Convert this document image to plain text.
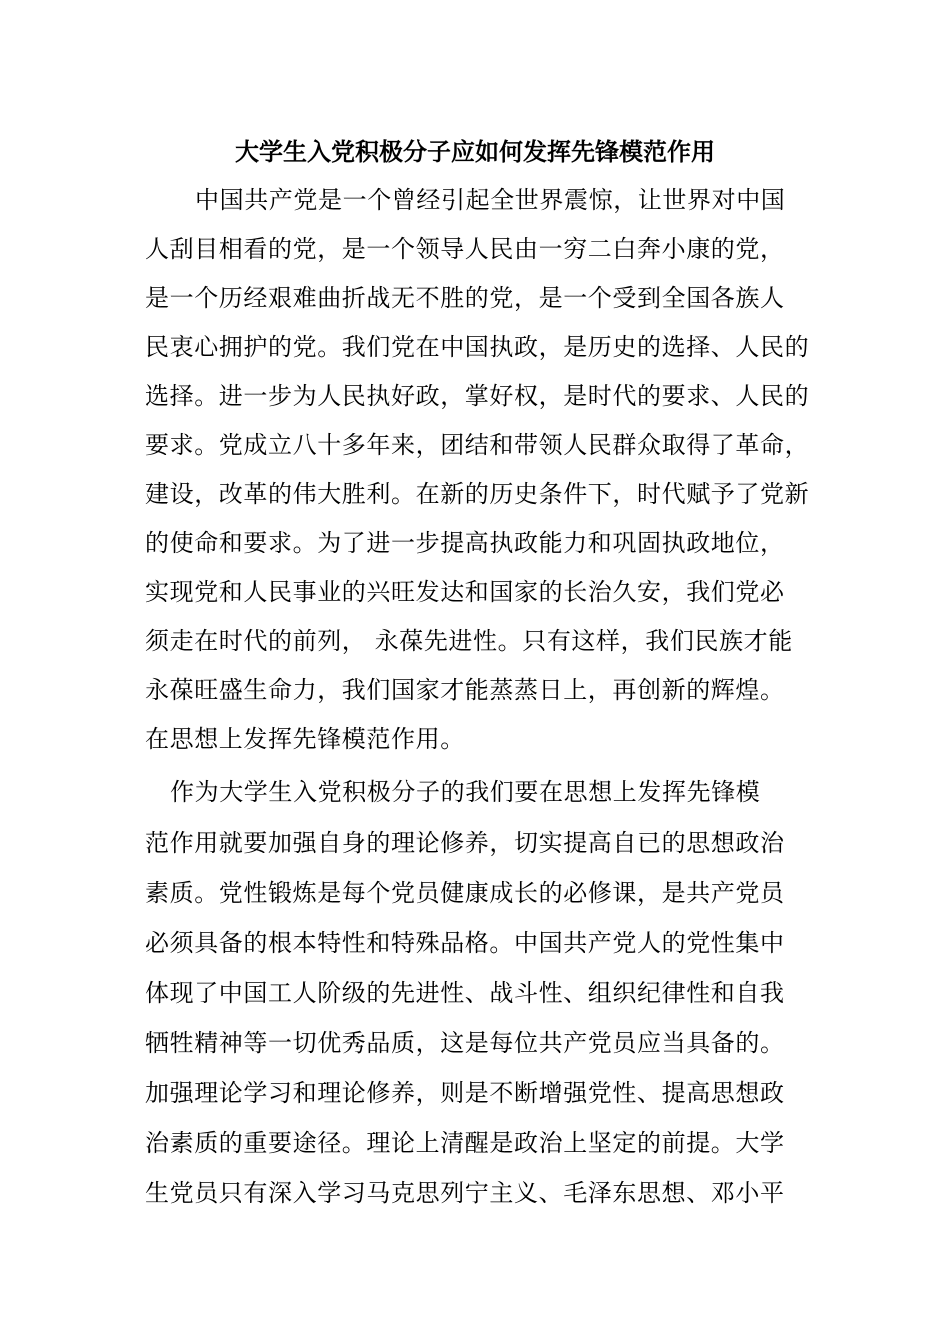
大学生入党积极分子应如何发挥先锋模范作用
中国共产党是一个曾经引起全世界震惊，让世界对中国
人刮目相看的党，是一个领导人民由一穷二白奔小康的党，
是一个历经艰难曲折战无不胜的党，是一个受到全国各族人
民衷心拥护的党。我们党在中国执政，是历史的选择、人民的
选择。进一步为人民执好政，掌好权，是时代的要求、人民的
要求。党成立八十多年来，团结和带领人民群众取得了革命，
建设，改革的伟大胜利。在新的历史条件下，时代赋予了党新
的使命和要求。为了进一步提高执政能力和巩固执政地位，
实现党和人民事业的兴旺发达和国家的长治久安，我们党必
须走在时代的前列， 永葆先进性。只有这样，我们民族才能
永葆旺盛生命力，我们国家才能蒸蒸日上，再创新的辉煌。
在思想上发挥先锋模范作用。
作为大学生入党积极分子的我们要在思想上发挥先锋模
范作用就要加强自身的理论修养，切实提高自已的思想政治
素质。党性锻炼是每个党员健康成长的必修课，是共产党员
必须具备的根本特性和特殊品格。中国共产党人的党性集中
体现了中国工人阶级的先进性、战斗性、组织纪律性和自我
牺牲精神等一切优秀品质，这是每位共产党员应当具备的。
加强理论学习和理论修养，则是不断增强党性、提高思想政
治素质的重要途径。理论上清醒是政治上坚定的前提。大学
生党员只有深入学习马克思列宁主义、毛泽东思想、邓小平
